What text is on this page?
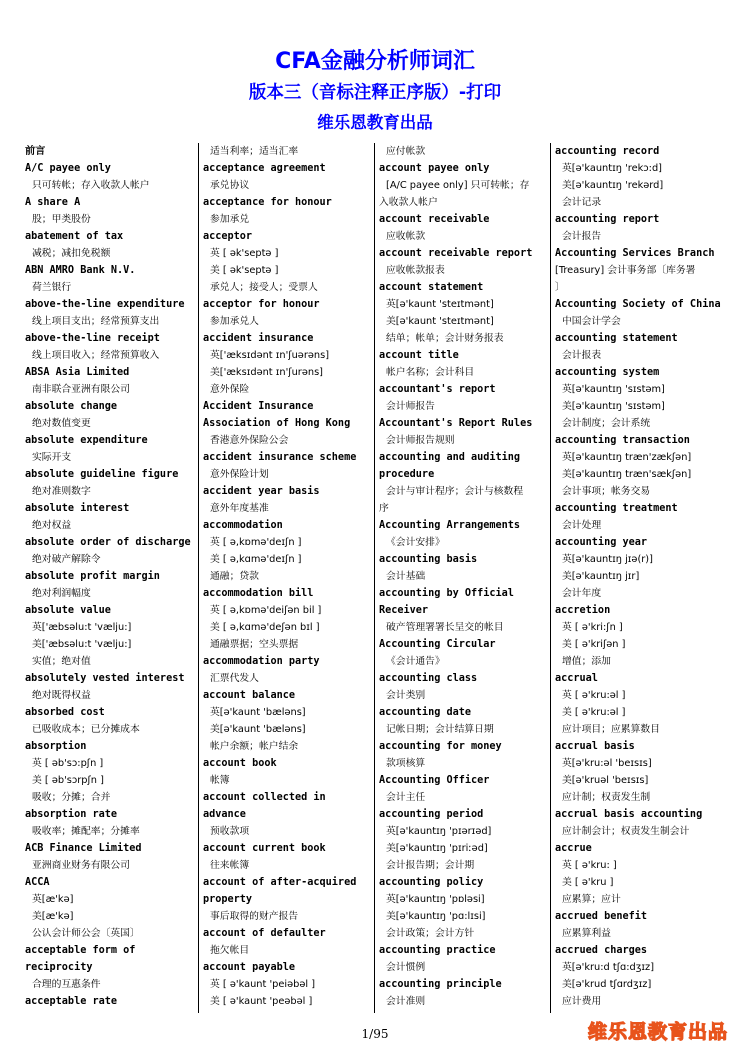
CFA金融分析师词汇
版本三（音标注释正序版）-打印
维乐恩教育出品
前言
A/C payee only
只可转帐；存入收款人帐户
A share A
股；甲类股份
abatement of tax
减税；减扣免税额
ABN AMRO Bank N.V.
荷兰银行
above-the-line expenditure
线上项目支出；经常预算支出
above-the-line receipt
线上项目收入；经常预算收入
ABSA Asia Limited
南非联合亚洲有限公司
absolute change
绝对数值变更
absolute expenditure
实际开支
absolute guideline figure
绝对准则数字
absolute interest
绝对权益
absolute order of discharge
绝对破产解除令
absolute profit margin
绝对利润幅度
absolute value
英['æbsəlu:t 'vælju:]
美['æbsəlu:t 'vælju:]
实值；绝对值
absolutely vested interest
绝对既得权益
absorbed cost
已吸收成本；已分摊成本
absorption
英 [ əb'sɔ:pʃn ]
美 [ əb'sɔrpʃn ]
吸收；分摊；合并
absorption rate
吸收率；摊配率；分摊率
ACB Finance Limited
亚洲商业财务有限公司
ACCA
英[æ'kə]
美[æ'kə]
公认会计师公会〔英国〕
acceptable form of
reciprocity
合理的互惠条件
acceptable rate
适当利率；适当汇率
acceptance agreement
承兑协议
acceptance for honour
参加承兑
acceptor
英 [ ək'septə ]
美 [ ək'septə ]
承兑人；接受人；受票人
acceptor for honour
参加承兑人
accident insurance
英['æksɪdənt ɪn'ʃuərəns]
美['æksɪdənt ɪn'ʃurəns]
意外保险
Accident Insurance
Association of Hong Kong
香港意外保险公会
accident insurance scheme
意外保险计划
accident year basis
意外年度基准
accommodation
英 [ ə,kɒmə'deɪʃn ]
美 [ ə,kɑmə'deɪʃn ]
通融；贷款
accommodation bill
英 [ ə,kɒmə'deiʃən bil ]
美 [ ə,kɑmə'deʃən bɪl ]
通融票据；空头票据
accommodation party
汇票代发人
account balance
英[ə'kaunt 'bæləns]
美[ə'kaunt 'bæləns]
帐户余额；帐户结余
account book
帐簿
account collected in
advance
预收款项
account current book
往来帐簿
account of after-acquired
property
事后取得的财产报告
account of defaulter
拖欠帐目
account payable
英 [ ə'kaunt 'peiəbəl ]
美 [ ə'kaunt 'peəbəl ]
应付帐款
account payee only
[A/C payee only] 只可转帐；存
入收款人帐户
account receivable
应收帐款
account receivable report
应收帐款报表
account statement
英[ə'kaunt 'steɪtmənt]
美[ə'kaunt 'steɪtmənt]
结单；帐单；会计财务报表
account title
帐户名称；会计科目
accountant's report
会计师报告
Accountant's Report Rules
会计师报告规则
accounting and auditing
procedure
会计与审计程序；会计与核数程
序
Accounting Arrangements
《会计安排》
accounting basis
会计基础
accounting by Official
Receiver
破产管理署署长呈交的帐目
Accounting Circular
《会计通告》
accounting class
会计类别
accounting date
记帐日期；会计结算日期
accounting for money
款项核算
Accounting Officer
会计主任
accounting period
英[ə'kauntɪŋ 'pɪərɪəd]
美[ə'kauntɪŋ 'pɪriːəd]
会计报告期；会计期
accounting policy
英[ə'kauntɪŋ 'pɒləsi]
美[ə'kauntɪŋ 'pɑ:lɪsi]
会计政策；会计方针
accounting practice
会计惯例
accounting principle
会计准则
accounting record
英[ə'kauntɪŋ 'rekɔ:d]
美[ə'kauntɪŋ 'rekərd]
会计记录
accounting report
会计报告
Accounting Services Branch
[Treasury] 会计事务部〔库务署
〕
Accounting Society of China
中国会计学会
accounting statement
会计报表
accounting system
英[ə'kauntɪŋ 'sɪstəm]
美[ə'kauntɪŋ 'sɪstəm]
会计制度；会计系统
accounting transaction
英[ə'kauntɪŋ træn'zækʃən]
美[ə'kauntɪŋ træn'sækʃən]
会计事项；帐务交易
accounting treatment
会计处理
accounting year
英[ə'kauntɪŋ jɪə(r)]
美[ə'kauntɪŋ jɪr]
会计年度
accretion
英 [ ə'kri:ʃn ]
美 [ ə'kriʃən ]
增值；添加
accrual
英 [ ə'kru:əl ]
美 [ ə'kru:əl ]
应计项目；应累算数目
accrual basis
英[ə'kru:əl 'beɪsɪs]
美[ə'kruəl 'beɪsɪs]
应计制；权责发生制
accrual basis accounting
应计制会计；权责发生制会计
accrue
英 [ ə'kru: ]
美 [ ə'kru ]
应累算；应计
accrued benefit
应累算利益
accrued charges
英[ə'kru:d tʃɑ:dʒɪz]
美[ə'krud tʃɑrdʒɪz]
应计费用
1/95	维乐恩教育出品
